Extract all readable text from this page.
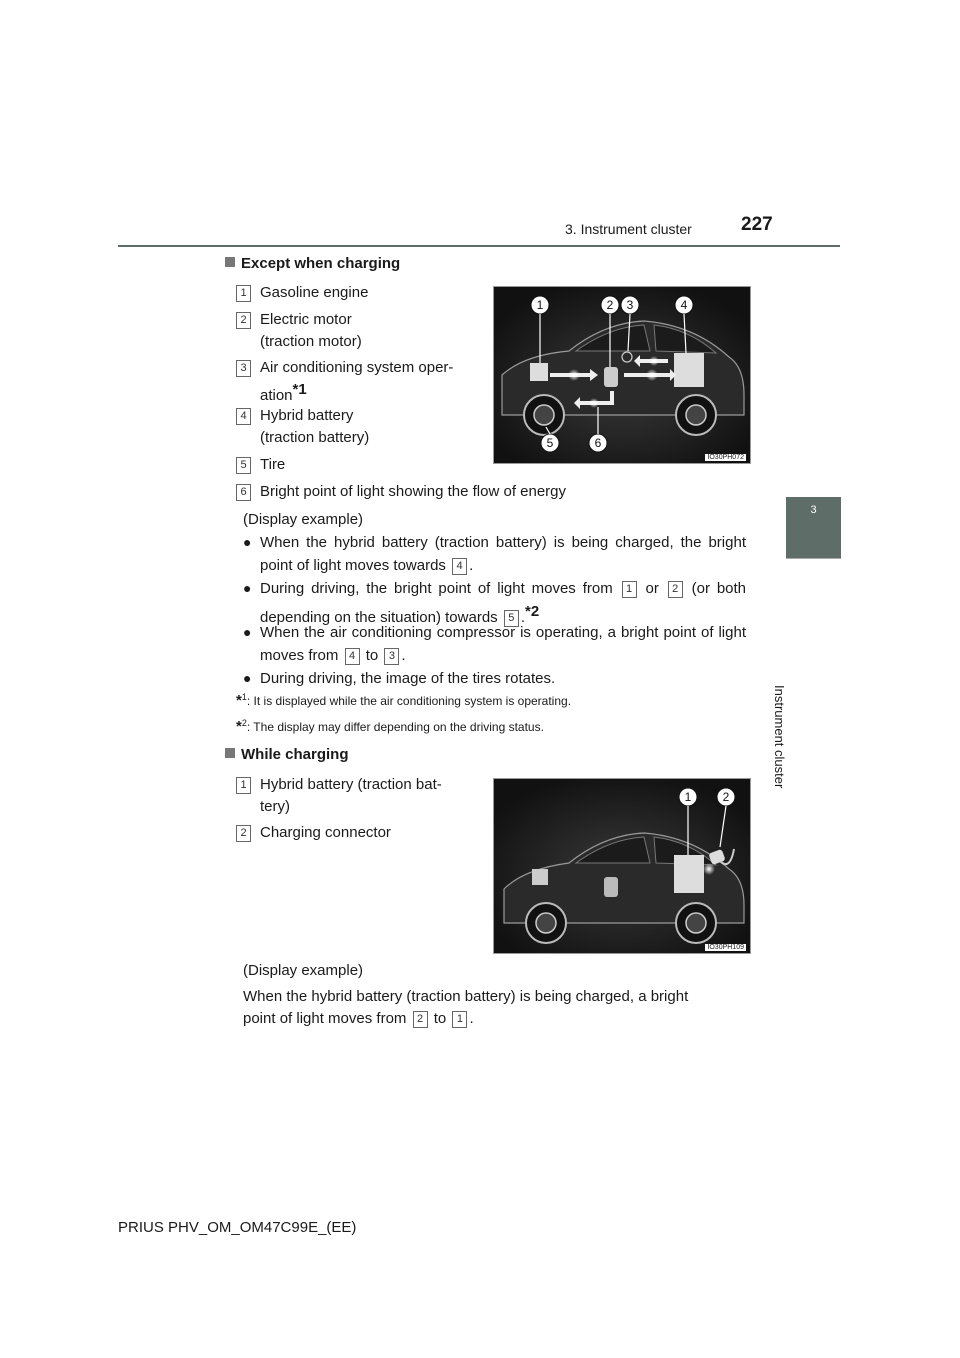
3. Instrument cluster	227
3
Instrument cluster
Except when charging
1 Gasoline engine
2 Electric motor
(traction motor)
3 Air conditioning system oper-
ation$^{*1}$
4 Hybrid battery
(traction battery)
5 Tire
6 Bright point of light showing the flow of energy
1	2 3	4
5	6
IO30PH072
(Display example)
● When the hybrid battery (traction battery) is being charged, the bright point of light moves towards 4 .
● During driving, the bright point of light moves from 1 or 2 (or both depending on the situation) towards 5 .$^{*2}$
● When the air conditioning compressor is operating, a bright point of light moves from 4 to 3 .
● During driving, the image of the tires rotates.
*$^1$: It is displayed while the air conditioning system is operating.
*$^2$: The display may differ depending on the driving status.
While charging
1 Hybrid battery (traction bat-
tery)
2 Charging connector
1	2
IO30PH109
(Display example)
When the hybrid battery (traction battery) is being charged, a bright
point of light moves from 2 to 1 .
PRIUS PHV_OM_OM47C99E_(EE)
